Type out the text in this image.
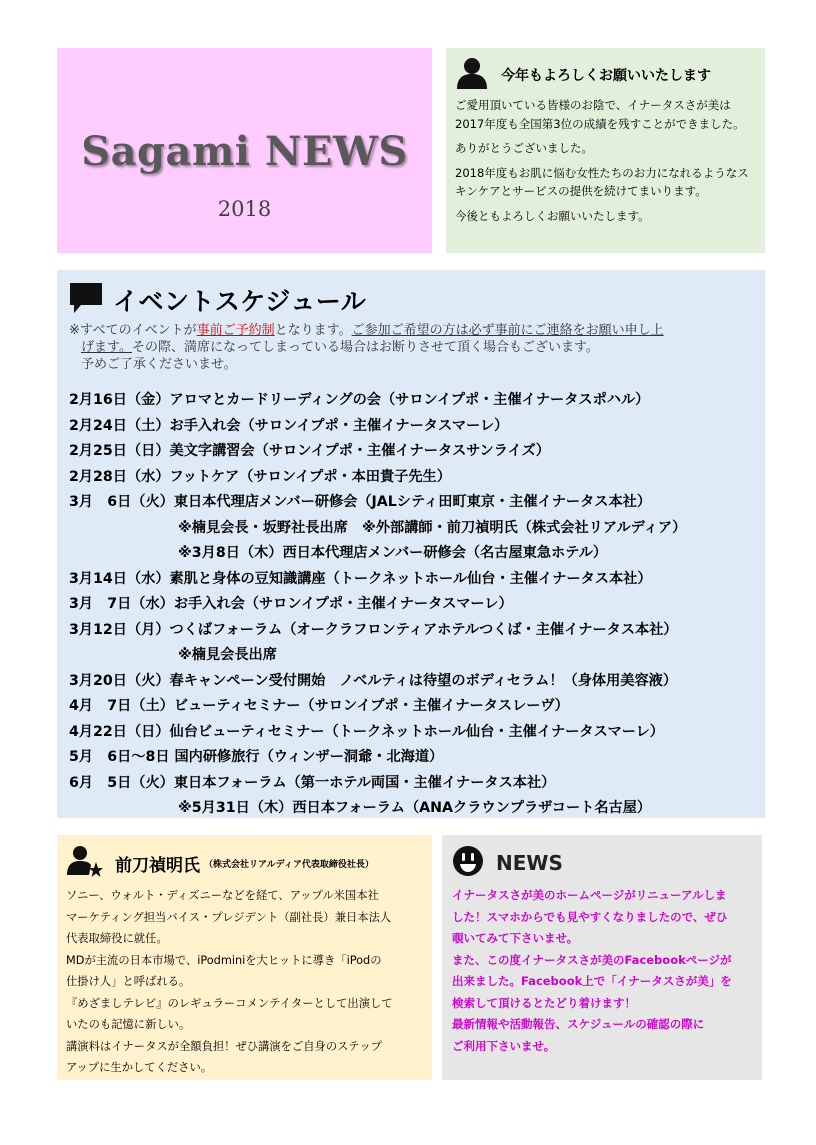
Sagami NEWS
2018
今年もよろしくお願いいたします

ご愛用頂いている皆様のお陰で、イナータスさが美は2017年度も全国第3位の成績を残すことができました。

ありがとうございました。

2018年度もお肌に悩む女性たちのお力になれるようなスキンケアとサービスの提供を続けてまいります。

今後ともよろしくお願いいたします。

イベントスケジュール
※すべてのイベントが事前ご予約制となります。ご参加ご希望の方は必ず事前にご連絡をお願い申し上
げます。その際、満席になってしまっている場合はお断りさせて頂く場合もございます。
予めご了承くださいませ。
2月16日（金）アロマとカードリーディングの会（サロンイプポ・主催イナータスポハル）
2月24日（土）お手入れ会（サロンイプポ・主催イナータスマーレ）
2月25日（日）美文字講習会（サロンイプポ・主催イナータスサンライズ）
2月28日（水）フットケア（サロンイプポ・本田貴子先生）
3月　6日（火）東日本代理店メンバー研修会（JALシティ田町東京・主催イナータス本社）
※楠見会長・坂野社長出席　※外部講師・前刀禎明氏（株式会社リアルディア）
※3月8日（木）西日本代理店メンバー研修会（名古屋東急ホテル）
3月14日（水）素肌と身体の豆知識講座（トークネットホール仙台・主催イナータス本社）
3月　7日（水）お手入れ会（サロンイプポ・主催イナータスマーレ）
3月12日（月）つくばフォーラム（オークラフロンティアホテルつくば・主催イナータス本社）
※楠見会長出席
3月20日（火）春キャンペーン受付開始　ノベルティは待望のボディセラム！（身体用美容液）
4月　7日（土）ビューティセミナー（サロンイプポ・主催イナータスレーヴ）
4月22日（日）仙台ビューティセミナー（トークネットホール仙台・主催イナータスマーレ）
5月　6日～8日 国内研修旅行（ウィンザー洞爺・北海道）
6月　5日（火）東日本フォーラム（第一ホテル両国・主催イナータス本社）
※5月31日（木）西日本フォーラム（ANAクラウンプラザコート名古屋）
前刀禎明氏 （株式会社リアルディア代表取締役社長）
ソニー、ウォルト・ディズニーなどを経て、アップル米国本社
マーケティング担当バイス・プレジデント（副社長）兼日本法人
代表取締役に就任。
MDが主流の日本市場で、iPodminiを大ヒットに導き「iPodの
仕掛け人」と呼ばれる。
『めざましテレビ』のレギュラーコメンテイターとして出演して
いたのも記憶に新しい。
講演料はイナータスが全額負担！ぜひ講演をご自身のステップ
アップに生かしてください。
NEWS
イナータスさが美のホームページがリニューアルしま
した！スマホからでも見やすくなりましたので、ぜひ
覗いてみて下さいませ。
また、この度イナータスさが美のFacebookページが
出来ました。Facebook上で「イナータスさが美」を
検索して頂けるとたどり着けます！
最新情報や活動報告、スケジュールの確認の際に
ご利用下さいませ。
